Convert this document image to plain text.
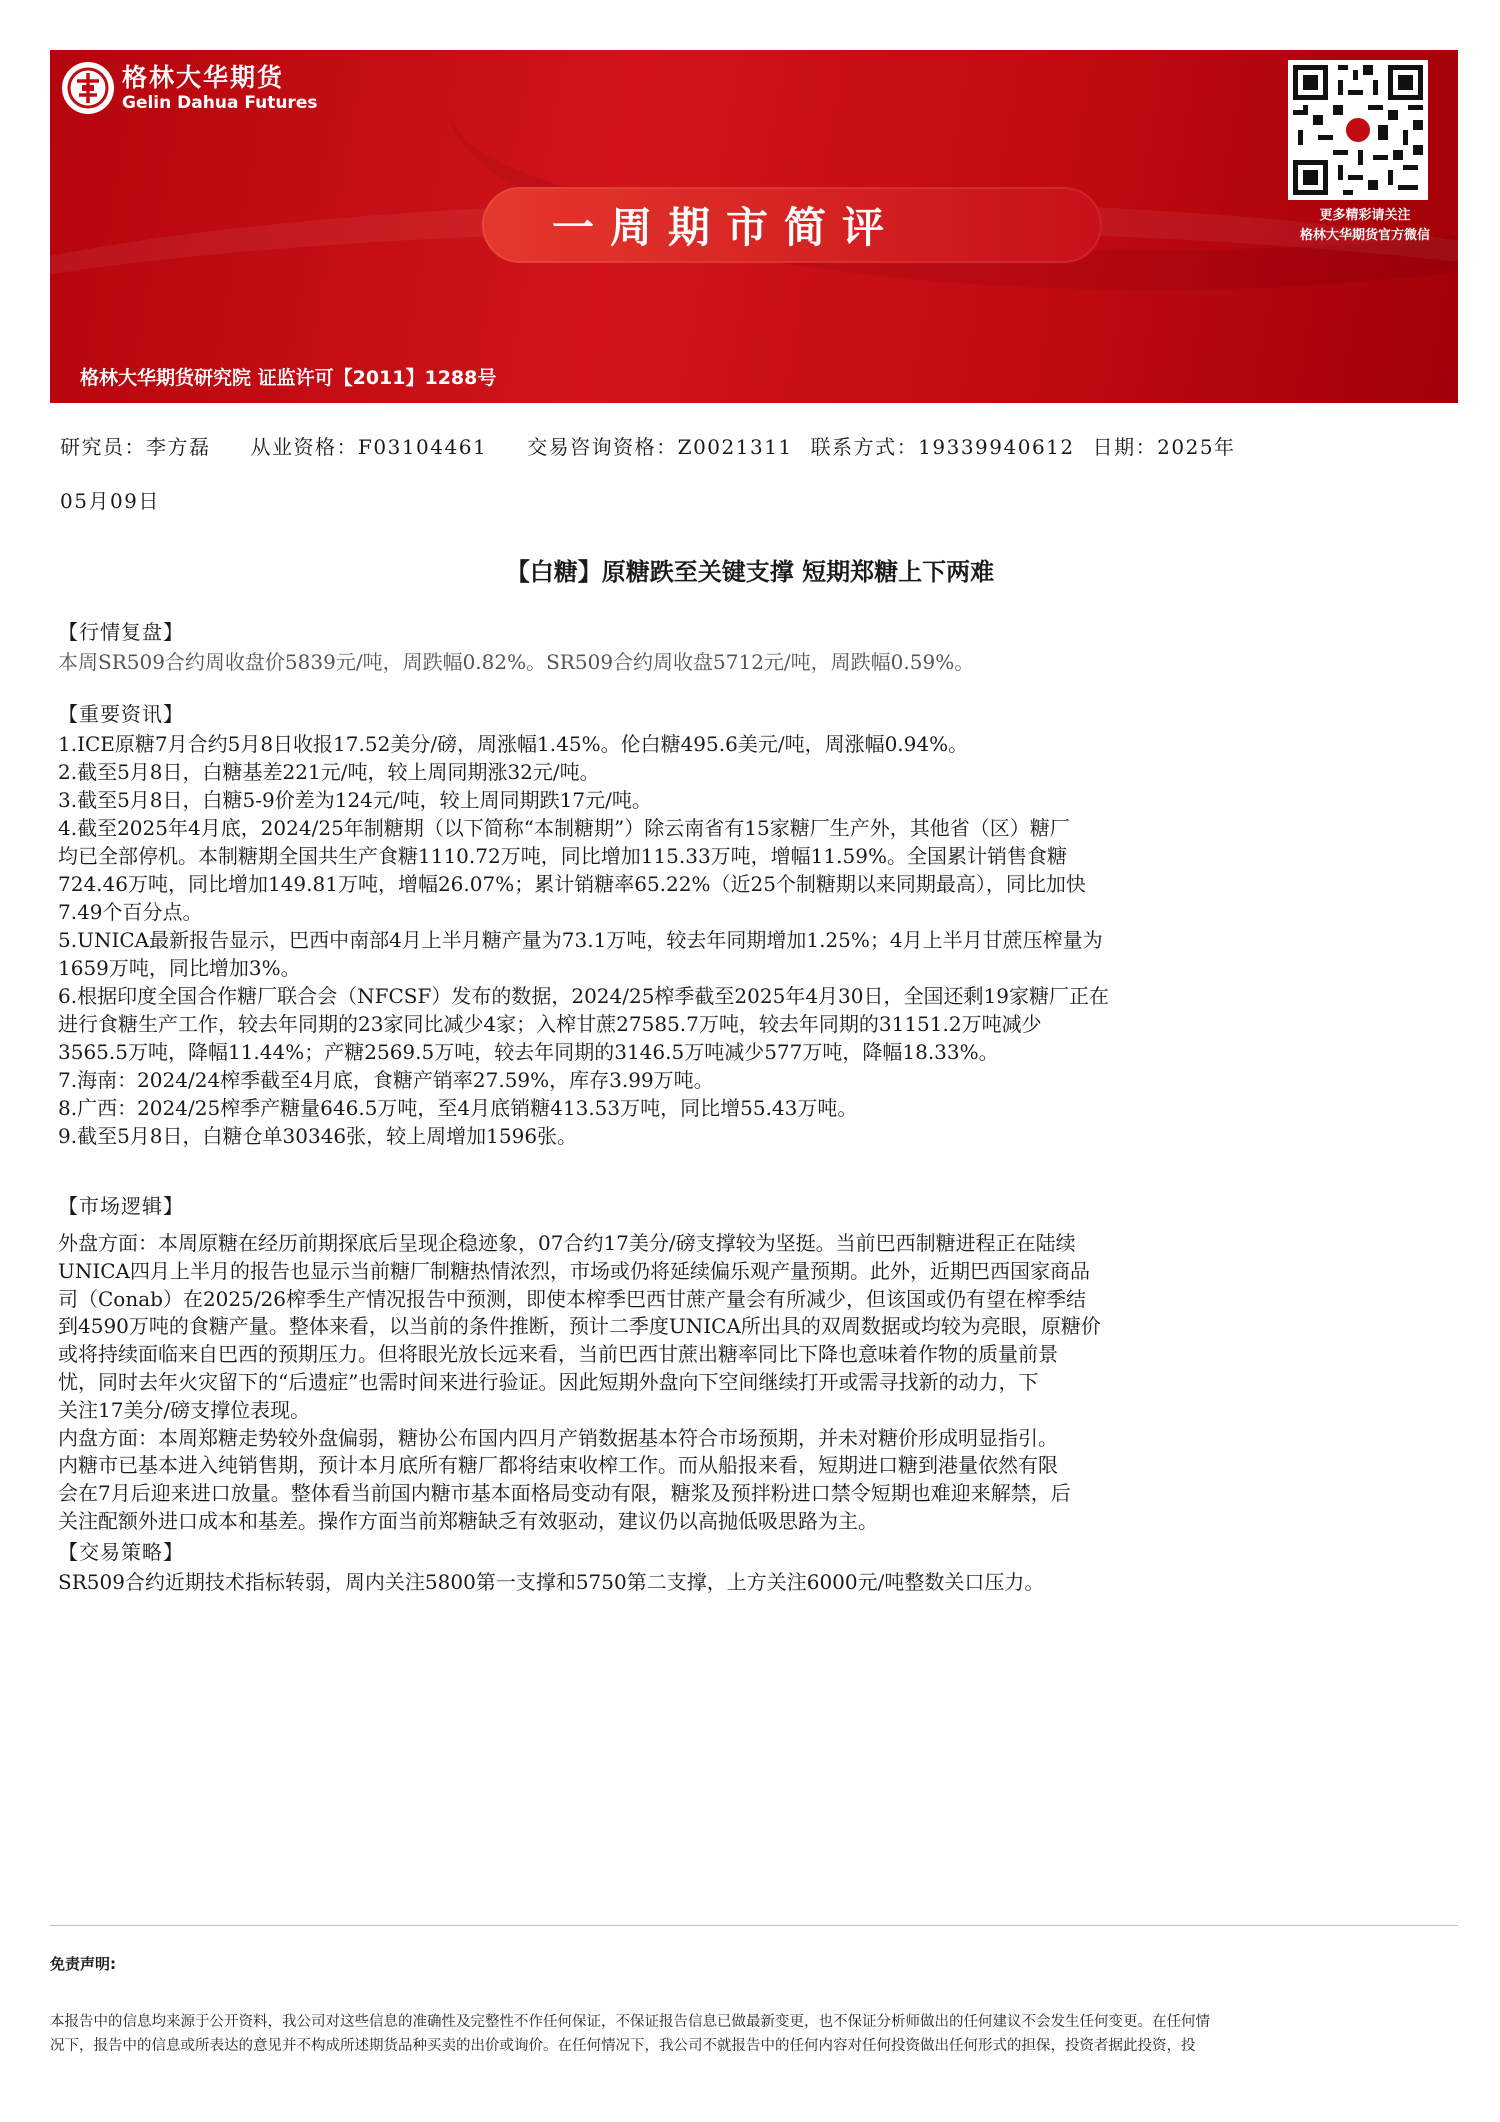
格林大华期货
Gelin Dahua Futures
一周期市简评	更多精彩请关注
格林大华期货官方微信
格林大华期货研究院 证监许可【2011】1288号
研究员：李方磊 从业资格：F03104461 交易咨询资格：Z0021311 联系方式：19339940612 日期：2025年
05月09日
【白糖】原糖跌至关键支撑 短期郑糖上下两难
【行情复盘】
本周SR509合约周收盘价5839元/吨，周跌幅0.82%。SR509合约周收盘5712元/吨，周跌幅0.59%。
【重要资讯】
1.ICE原糖7月合约5月8日收报17.52美分/磅，周涨幅1.45%。伦白糖495.6美元/吨，周涨幅0.94%。
2.截至5月8日，白糖基差221元/吨，较上周同期涨32元/吨。
3.截至5月8日，白糖5-9价差为124元/吨，较上周同期跌17元/吨。
4.截至2025年4月底，2024/25年制糖期（以下简称“本制糖期”）除云南省有15家糖厂生产外，其他省（区）糖厂
均已全部停机。本制糖期全国共生产食糖1110.72万吨，同比增加115.33万吨，增幅11.59%。全国累计销售食糖
724.46万吨，同比增加149.81万吨，增幅26.07%；累计销糖率65.22%（近25个制糖期以来同期最高），同比加快
7.49个百分点。
5.UNICA最新报告显示，巴西中南部4月上半月糖产量为73.1万吨，较去年同期增加1.25%；4月上半月甘蔗压榨量为
1659万吨，同比增加3%。
6.根据印度全国合作糖厂联合会（NFCSF）发布的数据，2024/25榨季截至2025年4月30日，全国还剩19家糖厂正在
进行食糖生产工作，较去年同期的23家同比减少4家；入榨甘蔗27585.7万吨，较去年同期的31151.2万吨减少
3565.5万吨，降幅11.44%；产糖2569.5万吨，较去年同期的3146.5万吨减少577万吨，降幅18.33%。
7.海南：2024/24榨季截至4月底，食糖产销率27.59%，库存3.99万吨。
8.广西：2024/25榨季产糖量646.5万吨，至4月底销糖413.53万吨，同比增55.43万吨。
9.截至5月8日，白糖仓单30346张，较上周增加1596张。
【市场逻辑】

外盘方面：本周原糖在经历前期探底后呈现企稳迹象，07合约17美分/磅支撑较为坚挺。当前巴西制糖进程正在陆续

UNICA四月上半月的报告也显示当前糖厂制糖热情浓烈，市场或仍将延续偏乐观产量预期。此外，近期巴西国家商品

司（Conab）在2025/26榨季生产情况报告中预测，即使本榨季巴西甘蔗产量会有所减少，但该国或仍有望在榨季结

到4590万吨的食糖产量。整体来看，以当前的条件推断，预计二季度UNICA所出具的双周数据或均较为亮眼，原糖价

或将持续面临来自巴西的预期压力。但将眼光放长远来看，当前巴西甘蔗出糖率同比下降也意味着作物的质量前景

忧，同时去年火灾留下的“后遗症”也需时间来进行验证。因此短期外盘向下空间继续打开或需寻找新的动力，下

关注17美分/磅支撑位表现。

内盘方面：本周郑糖走势较外盘偏弱，糖协公布国内四月产销数据基本符合市场预期，并未对糖价形成明显指引。

内糖市已基本进入纯销售期，预计本月底所有糖厂都将结束收榨工作。而从船报来看，短期进口糖到港量依然有限

会在7月后迎来进口放量。整体看当前国内糖市基本面格局变动有限，糖浆及预拌粉进口禁令短期也难迎来解禁，后

关注配额外进口成本和基差。操作方面当前郑糖缺乏有效驱动，建议仍以高抛低吸思路为主。

【交易策略】
SR509合约近期技术指标转弱，周内关注5800第一支撑和5750第二支撑，上方关注6000元/吨整数关口压力。
免责声明:

本报告中的信息均来源于公开资料，我公司对这些信息的准确性及完整性不作任何保证，不保证报告信息已做最新变更，也不保证分析师做出的任何建议不会发生任何变更。在任何情

况下，报告中的信息或所表达的意见并不构成所述期货品种买卖的出价或询价。在任何情况下，我公司不就报告中的任何内容对任何投资做出任何形式的担保，投资者据此投资，投
